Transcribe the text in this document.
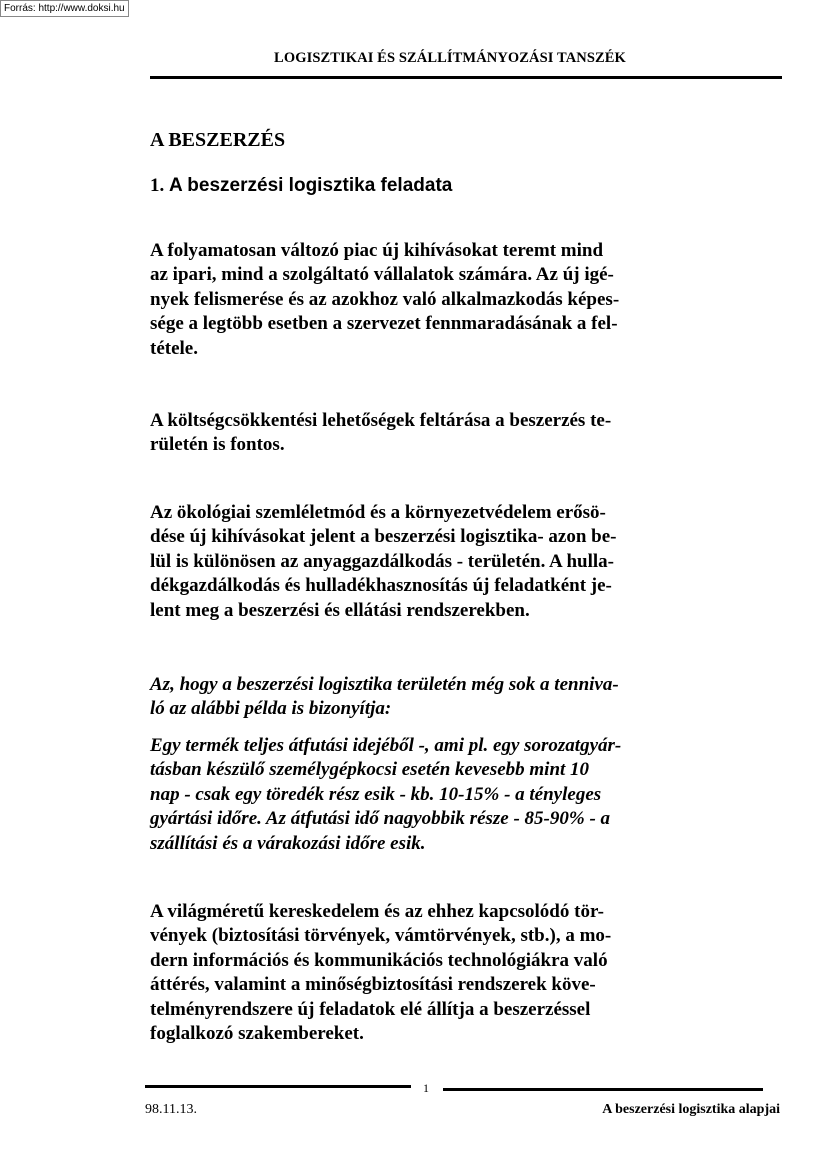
Forrás: http://www.doksi.hu
LOGISZTIKAI ÉS SZÁLLÍTMÁNYOZÁSI TANSZÉK
A BESZERZÉS
1. A beszerzési logisztika feladata
A folyamatosan változó piac új kihívásokat teremt mind
az ipari, mind a szolgáltató vállalatok számára. Az új igé-
nyek felismerése és az azokhoz való alkalmazkodás képes-
sége a legtöbb esetben a szervezet fennmaradásának a fel-
tétele.
A költségcsökkentési lehetőségek feltárása a beszerzés te-
rületén is fontos.
Az ökológiai szemléletmód és a környezetvédelem erősö-
dése új kihívásokat jelent a beszerzési logisztika- azon be-
lül is különösen az anyaggazdálkodás - területén. A hulla-
dékgazdálkodás és hulladékhasznosítás új feladatként je-
lent meg a beszerzési és ellátási rendszerekben.
Az, hogy a beszerzési logisztika területén még sok a tenniva-
ló az alábbi példa is bizonyítja:
Egy termék teljes átfutási idejéből -, ami pl. egy sorozatgyár-
tásban készülő személygépkocsi esetén kevesebb mint 10
nap - csak egy töredék rész esik - kb. 10-15% - a tényleges
gyártási időre. Az átfutási idő nagyobbik része - 85-90% - a
szállítási és a várakozási időre esik.
A világméretű kereskedelem és az ehhez kapcsolódó tör-
vények (biztosítási törvények, vámtörvények, stb.), a mo-
dern információs és kommunikációs technológiákra való
áttérés, valamint a minőségbiztosítási rendszerek köve-
telményrendszere új feladatok elé állítja a beszerzéssel
foglalkozó szakembereket.
1
98.11.13.	A beszerzési logisztika alapjai
